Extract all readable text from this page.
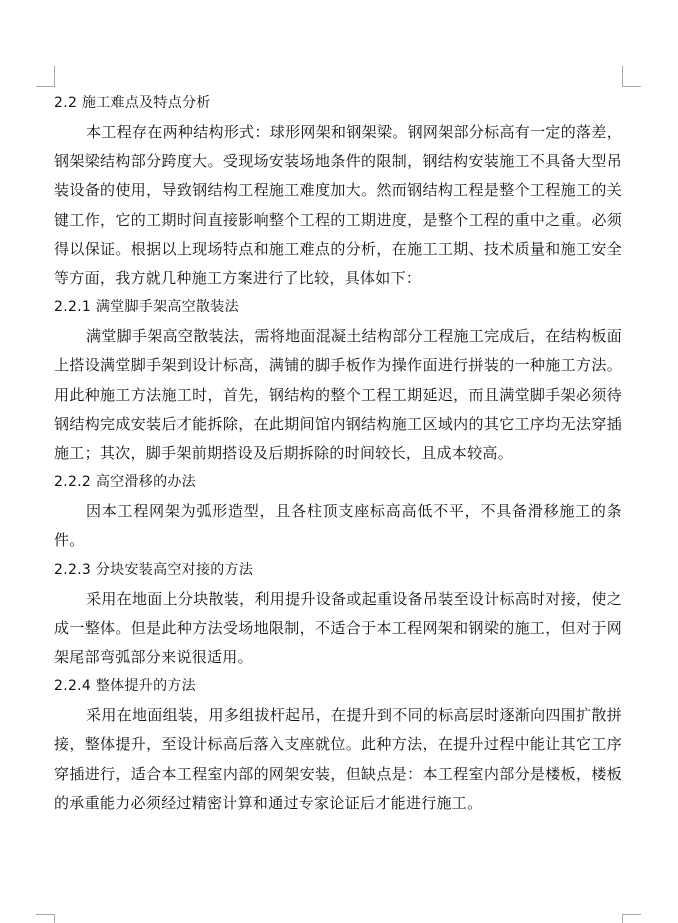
2.2 施工难点及特点分析

本工程存在两种结构形式：球形网架和钢架梁。钢网架部分标高有一定的落差，钢架梁结构部分跨度大。受现场安装场地条件的限制，钢结构安装施工不具备大型吊装设备的使用，导致钢结构工程施工难度加大。然而钢结构工程是整个工程施工的关键工作，它的工期时间直接影响整个工程的工期进度，是整个工程的重中之重。必须得以保证。根据以上现场特点和施工难点的分析，在施工工期、技术质量和施工安全等方面，我方就几种施工方案进行了比较，具体如下：

2.2.1 满堂脚手架高空散装法

满堂脚手架高空散装法，需将地面混凝土结构部分工程施工完成后，在结构板面上搭设满堂脚手架到设计标高，满铺的脚手板作为操作面进行拼装的一种施工方法。用此种施工方法施工时，首先，钢结构的整个工程工期延迟，而且满堂脚手架必须待钢结构完成安装后才能拆除，在此期间馆内钢结构施工区域内的其它工序均无法穿插施工；其次，脚手架前期搭设及后期拆除的时间较长，且成本较高。

2.2.2 高空滑移的办法

因本工程网架为弧形造型，且各柱顶支座标高高低不平，不具备滑移施工的条件。

2.2.3 分块安装高空对接的方法

采用在地面上分块散装，利用提升设备或起重设备吊装至设计标高时对接，使之成一整体。但是此种方法受场地限制，不适合于本工程网架和钢梁的施工，但对于网架尾部弯弧部分来说很适用。

2.2.4 整体提升的方法

采用在地面组装，用多组拔杆起吊，在提升到不同的标高层时逐渐向四围扩散拼接，整体提升，至设计标高后落入支座就位。此种方法，在提升过程中能让其它工序穿插进行，适合本工程室内部的网架安装，但缺点是：本工程室内部分是楼板，楼板的承重能力必须经过精密计算和通过专家论证后才能进行施工。
